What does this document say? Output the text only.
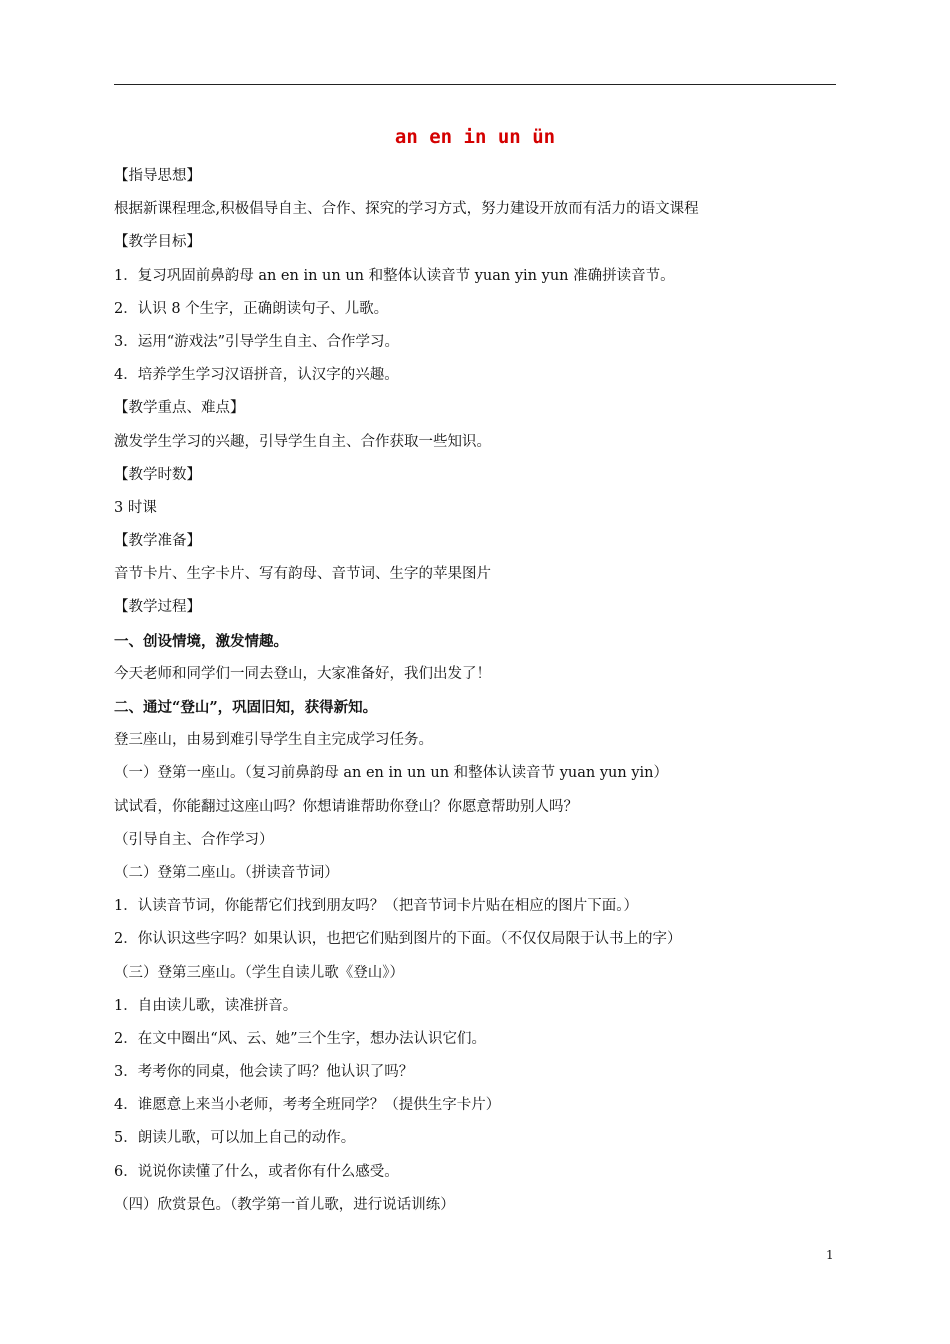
an en in un ün
【指导思想】
根据新课程理念,积极倡导自主、合作、探究的学习方式，努力建设开放而有活力的语文课程
【教学目标】
1．复习巩固前鼻韵母 an en in un un 和整体认读音节 yuan yin yun 准确拼读音节。
2．认识 8 个生字，正确朗读句子、儿歌。
3．运用“游戏法”引导学生自主、合作学习。
4．培养学生学习汉语拼音，认汉字的兴趣。
【教学重点、难点】
激发学生学习的兴趣，引导学生自主、合作获取一些知识。
【教学时数】
3 时课
【教学准备】
音节卡片、生字卡片、写有韵母、音节词、生字的苹果图片
【教学过程】
一、创设情境，激发情趣。
今天老师和同学们一同去登山，大家准备好，我们出发了！
二、通过“登山”，巩固旧知，获得新知。
登三座山，由易到难引导学生自主完成学习任务。
（一）登第一座山。（复习前鼻韵母 an en in un un 和整体认读音节 yuan yun yin）
试试看，你能翻过这座山吗？你想请谁帮助你登山？你愿意帮助别人吗？
（引导自主、合作学习）
（二）登第二座山。（拼读音节词）
1．认读音节词，你能帮它们找到朋友吗？（把音节词卡片贴在相应的图片下面。）
2．你认识这些字吗？如果认识，也把它们贴到图片的下面。（不仅仅局限于认书上的字）
（三）登第三座山。（学生自读儿歌《登山》）
1．自由读儿歌，读准拼音。
2．在文中圈出“风、云、她”三个生字，想办法认识它们。
3．考考你的同桌，他会读了吗？他认识了吗？
4．谁愿意上来当小老师，考考全班同学？（提供生字卡片）
5．朗读儿歌，可以加上自己的动作。
6．说说你读懂了什么，或者你有什么感受。
（四）欣赏景色。（教学第一首儿歌，进行说话训练）
1
